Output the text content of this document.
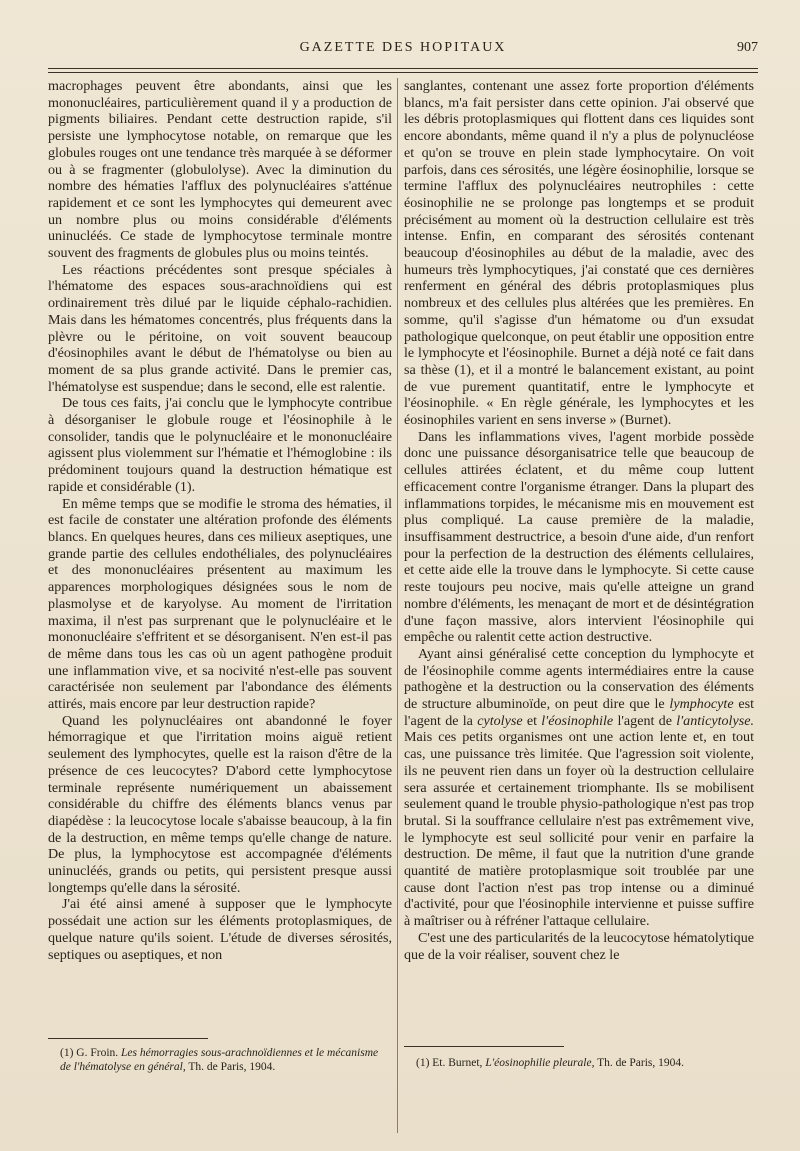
GAZETTE DES HOPITAUX	907

macrophages peuvent être abondants, ainsi que les mononucléaires, particulièrement quand il y a production de pigments biliaires. Pendant cette destruction rapide, s'il persiste une lymphocytose notable, on remarque que les globules rouges ont une tendance très marquée à se déformer ou à se fragmenter (globulolyse). Avec la diminution du nombre des hématies l'afflux des polynucléaires s'atténue rapidement et ce sont les lymphocytes qui demeurent avec un nombre plus ou moins considérable d'éléments uninucléés. Ce stade de lymphocytose terminale montre souvent des fragments de globules plus ou moins teintés.

Les réactions précédentes sont presque spéciales à l'hématome des espaces sous-arachnoïdiens qui est ordinairement très dilué par le liquide céphalo-rachidien. Mais dans les hématomes concentrés, plus fréquents dans la plèvre ou le péritoine, on voit souvent beaucoup d'éosinophiles avant le début de l'hématolyse ou bien au moment de sa plus grande activité. Dans le premier cas, l'hématolyse est suspendue; dans le second, elle est ralentie.

De tous ces faits, j'ai conclu que le lymphocyte contribue à désorganiser le globule rouge et l'éosinophile à le consolider, tandis que le polynucléaire et le mononucléaire agissent plus violemment sur l'hématie et l'hémoglobine : ils prédominent toujours quand la destruction hématique est rapide et considérable (1).

En même temps que se modifie le stroma des hématies, il est facile de constater une altération profonde des éléments blancs. En quelques heures, dans ces milieux aseptiques, une grande partie des cellules endothéliales, des polynucléaires et des mononucléaires présentent au maximum les apparences morphologiques désignées sous le nom de plasmolyse et de karyolyse. Au moment de l'irritation maxima, il n'est pas surprenant que le polynucléaire et le mononucléaire s'effritent et se désorganisent. N'en est-il pas de même dans tous les cas où un agent pathogène produit une inflammation vive, et sa nocivité n'est-elle pas souvent caractérisée non seulement par l'abondance des éléments attirés, mais encore par leur destruction rapide?

Quand les polynucléaires ont abandonné le foyer hémorragique et que l'irritation moins aiguë retient seulement des lymphocytes, quelle est la raison d'être de la présence de ces leucocytes? D'abord cette lymphocytose terminale représente numériquement un abaissement considérable du chiffre des éléments blancs venus par diapédèse : la leucocytose locale s'abaisse beaucoup, à la fin de la destruction, en même temps qu'elle change de nature. De plus, la lymphocytose est accompagnée d'éléments uninucléés, grands ou petits, qui persistent presque aussi longtemps qu'elle dans la sérosité.

J'ai été ainsi amené à supposer que le lymphocyte possédait une action sur les éléments protoplasmiques, de quelque nature qu'ils soient. L'étude de diverses sérosités, septiques ou aseptiques, et non

(1) G. Froin. Les hémorragies sous-arachnoïdiennes et le mécanisme de l'hématolyse en général, Th. de Paris, 1904.

sanglantes, contenant une assez forte proportion d'éléments blancs, m'a fait persister dans cette opinion. J'ai observé que les débris protoplasmiques qui flottent dans ces liquides sont encore abondants, même quand il n'y a plus de polynucléose et qu'on se trouve en plein stade lymphocytaire. On voit parfois, dans ces sérosités, une légère éosinophilie, lorsque se termine l'afflux des polynucléaires neutrophiles : cette éosinophilie ne se prolonge pas longtemps et se produit précisément au moment où la destruction cellulaire est très intense. Enfin, en comparant des sérosités contenant beaucoup d'éosinophiles au début de la maladie, avec des humeurs très lymphocytiques, j'ai constaté que ces dernières renferment en général des débris protoplasmiques plus nombreux et des cellules plus altérées que les premières. En somme, qu'il s'agisse d'un hématome ou d'un exsudat pathologique quelconque, on peut établir une opposition entre le lymphocyte et l'éosinophile. Burnet a déjà noté ce fait dans sa thèse (1), et il a montré le balancement existant, au point de vue purement quantitatif, entre le lymphocyte et l'éosinophile. « En règle générale, les lymphocytes et les éosinophiles varient en sens inverse » (Burnet).

Dans les inflammations vives, l'agent morbide possède donc une puissance désorganisatrice telle que beaucoup de cellules attirées éclatent, et du même coup luttent efficacement contre l'organisme étranger. Dans la plupart des inflammations torpides, le mécanisme mis en mouvement est plus compliqué. La cause première de la maladie, insuffisamment destructrice, a besoin d'une aide, d'un renfort pour la perfection de la destruction des éléments cellulaires, et cette aide elle la trouve dans le lymphocyte. Si cette cause reste toujours peu nocive, mais qu'elle atteigne un grand nombre d'éléments, les menaçant de mort et de désintégration d'une façon massive, alors intervient l'éosinophile qui empêche ou ralentit cette action destructive.

Ayant ainsi généralisé cette conception du lymphocyte et de l'éosinophile comme agents intermédiaires entre la cause pathogène et la destruction ou la conservation des éléments de structure albuminoïde, on peut dire que le lymphocyte est l'agent de la cytolyse et l'éosinophile l'agent de l'anticytolyse. Mais ces petits organismes ont une action lente et, en tout cas, une puissance très limitée. Que l'agression soit violente, ils ne peuvent rien dans un foyer où la destruction cellulaire sera assurée et certainement triomphante. Ils se mobilisent seulement quand le trouble physio-pathologique n'est pas trop brutal. Si la souffrance cellulaire n'est pas extrêmement vive, le lymphocyte est seul sollicité pour venir en parfaire la destruction. De même, il faut que la nutrition d'une grande quantité de matière protoplasmique soit troublée par une cause dont l'action n'est pas trop intense ou a diminué d'activité, pour que l'éosinophile intervienne et puisse suffire à maîtriser ou à réfréner l'attaque cellulaire.

C'est une des particularités de la leucocytose hématolytique que de la voir réaliser, souvent chez le

(1) Et. Burnet, L'éosinophilie pleurale, Th. de Paris, 1904.
